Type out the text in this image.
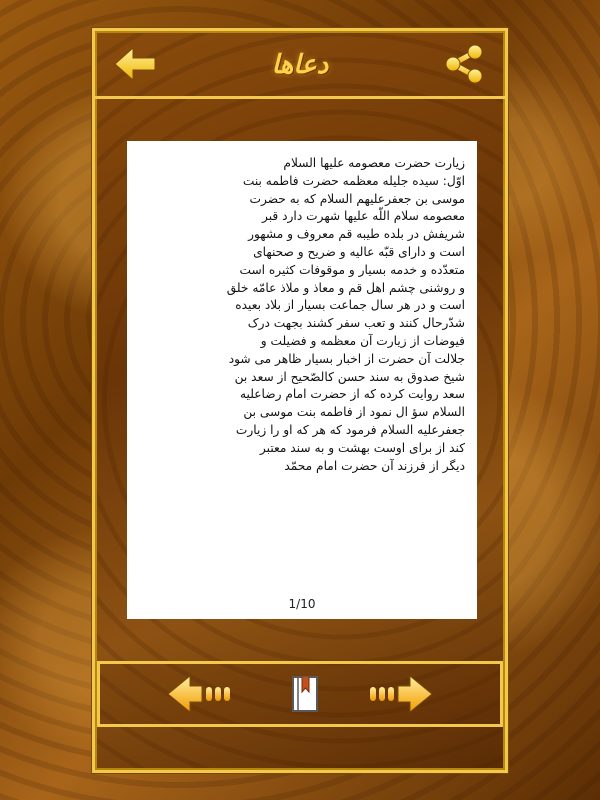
دعاها

زیارت حضرت معصومه علیها السلام

اوّل: سیده جلیله معظمه حضرت فاطمه بنت

موسی بن جعفرعلیهم السلام که به حضرت

معصومه سلام اللّه علیها شهرت دارد قبر

شریفش در بلده طیبه قم معروف و مشهور

است و دارای قبّه عالیه و ضریح و صحنهای

متعدّده و خدمه بسیار و موقوفات کثیره است

و روشنی چشم اهل قم و معاذ و ملاذ عامّه خلق

است و در هر سال جماعت بسیار از بلاد بعیده

شدّرحال کنند و تعب سفر کشند بجهت درک

فیوضات از زیارت آن معظمه و فضیلت و

جلالت آن حضرت از اخبار بسیار ظاهر می شود

شیخ صدوق به سند حسن کالصّحیح از سعد بن

سعد روایت کرده که از حضرت امام رضاعلیه

السلام سؤ ال نمود از فاطمه بنت موسی بن

جعفرعلیه السلام فرمود که هر که او را زیارت

کند از برای اوست بهشت و به سند معتبر

دیگر از فرزند آن حضرت امام محمّد

1/10
